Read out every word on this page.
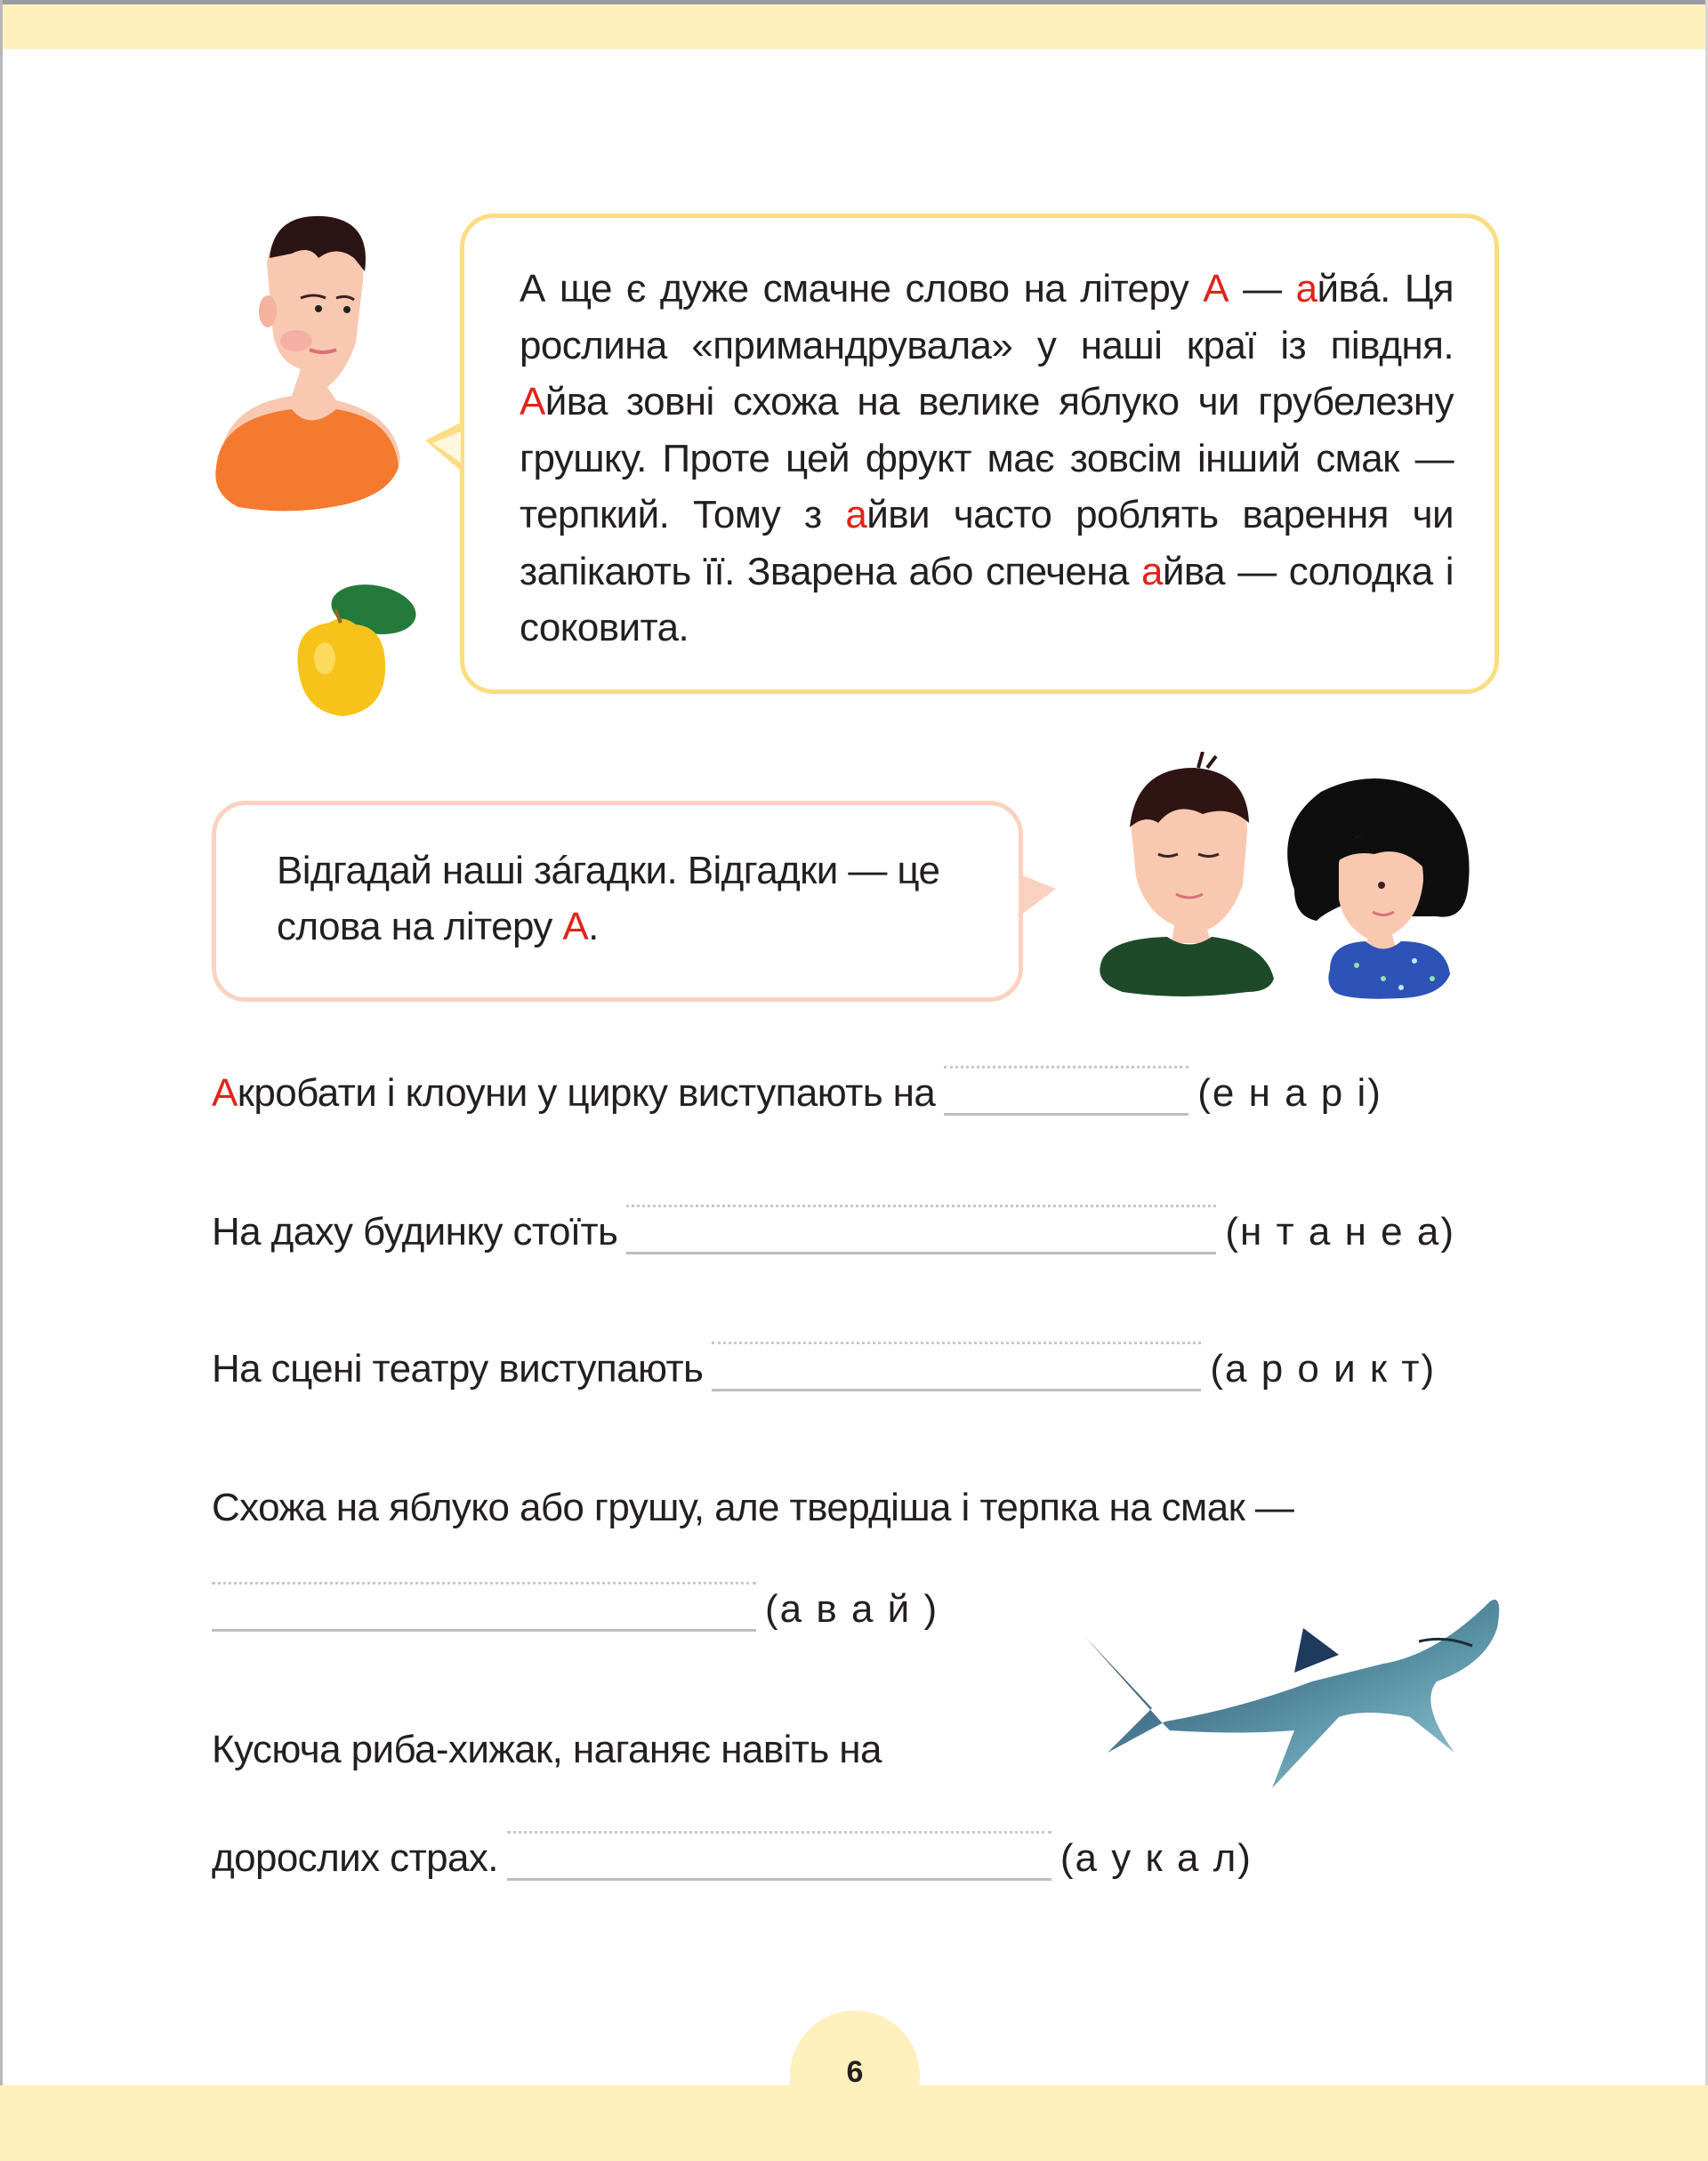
А ще є дуже смачне слово на літеру А — айвá. Ця рослина «примандрувала» у наші краї із півдня. Айва зовні схожа на велике яблуко чи грубелезну грушку. Проте цей фрукт має зовсім інший смак — терпкий. Тому з айви часто роблять варення чи запікають її. Зварена або спечена айва — солодка і соковита.
Відгадай наші зáгадки. Відгадки — це слова на літеру А.
А кробати і клоуни у цирку виступають на	(е н а р і)
На даху будинку стоїть	(н т а н е а)
На сцені театру виступають	(а р о и к т)
Схожа на яблуко або грушу, але твердіша і терпка на смак —
(а в а й )
Кусюча риба-хижак, наганяє навіть на
дорослих страх.	(а у к а л)
6
